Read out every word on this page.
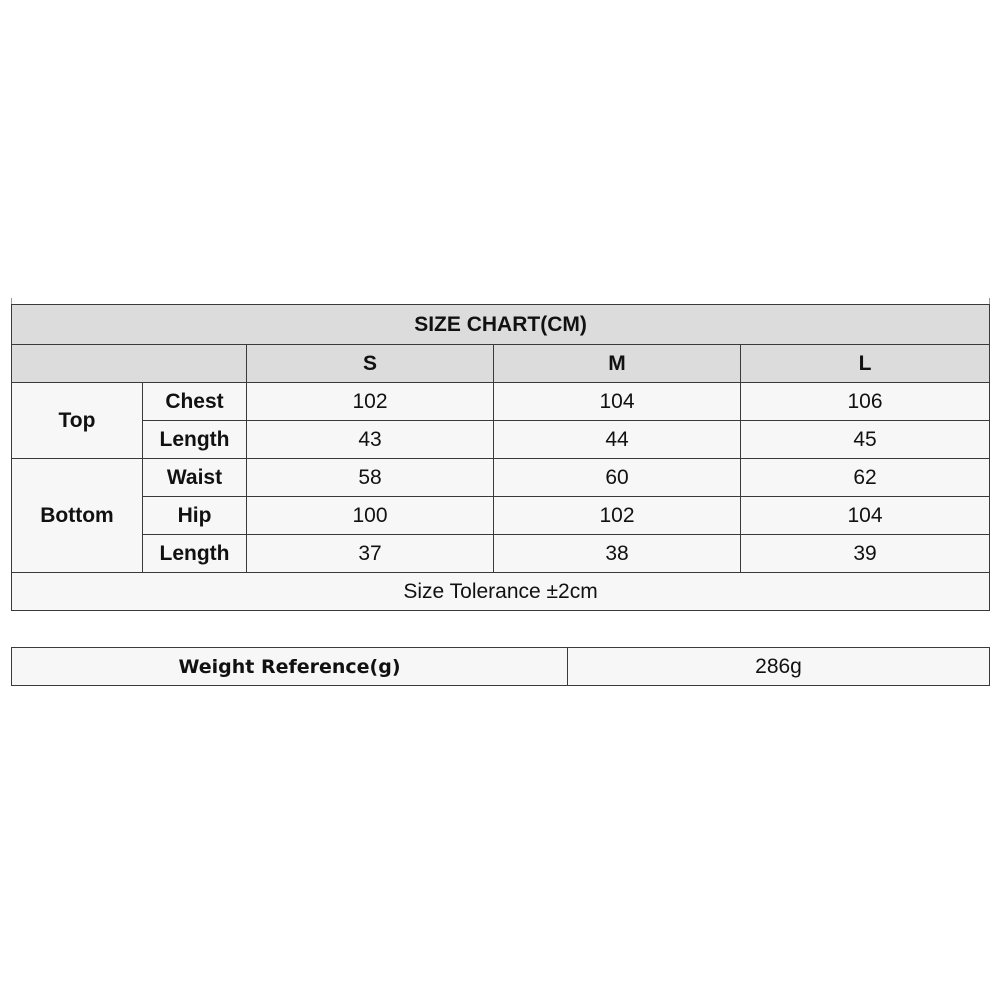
SIZE CHART(CM)				
		S	M	L
Top	Chest	102	104	106
	Length	43	44	45
Bottom	Waist	58	60	62
	Hip	100	102	104
	Length	37	38	39
Size Tolerance ±2cm				
Weight Reference(g)	286g
